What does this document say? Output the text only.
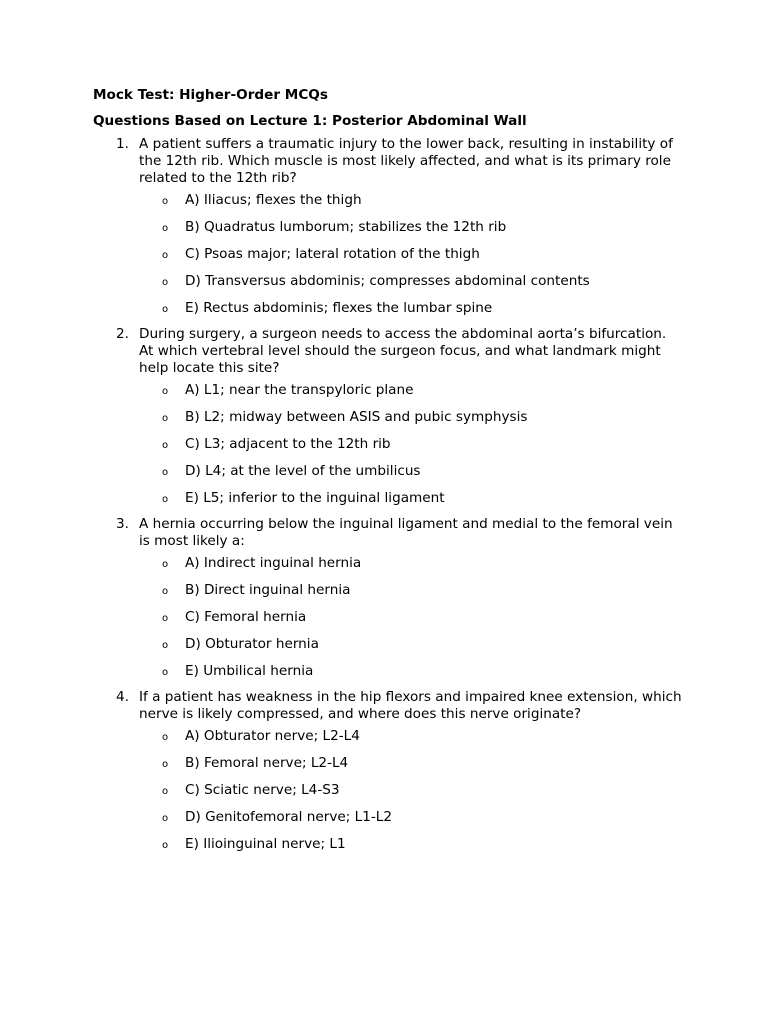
Mock Test: Higher-Order MCQs
Questions Based on Lecture 1: Posterior Abdominal Wall
1. A patient suffers a traumatic injury to the lower back, resulting in instability of the 12th rib. Which muscle is most likely affected, and what is its primary role related to the 12th rib?
o A) Iliacus; flexes the thigh
o B) Quadratus lumborum; stabilizes the 12th rib
o C) Psoas major; lateral rotation of the thigh
o D) Transversus abdominis; compresses abdominal contents
o E) Rectus abdominis; flexes the lumbar spine
2. During surgery, a surgeon needs to access the abdominal aorta’s bifurcation. At which vertebral level should the surgeon focus, and what landmark might help locate this site?
o A) L1; near the transpyloric plane
o B) L2; midway between ASIS and pubic symphysis
o C) L3; adjacent to the 12th rib
o D) L4; at the level of the umbilicus
o E) L5; inferior to the inguinal ligament
3. A hernia occurring below the inguinal ligament and medial to the femoral vein is most likely a:
o A) Indirect inguinal hernia
o B) Direct inguinal hernia
o C) Femoral hernia
o D) Obturator hernia
o E) Umbilical hernia
4. If a patient has weakness in the hip flexors and impaired knee extension, which nerve is likely compressed, and where does this nerve originate?
o A) Obturator nerve; L2-L4
o B) Femoral nerve; L2-L4
o C) Sciatic nerve; L4-S3
o D) Genitofemoral nerve; L1-L2
o E) Ilioinguinal nerve; L1
